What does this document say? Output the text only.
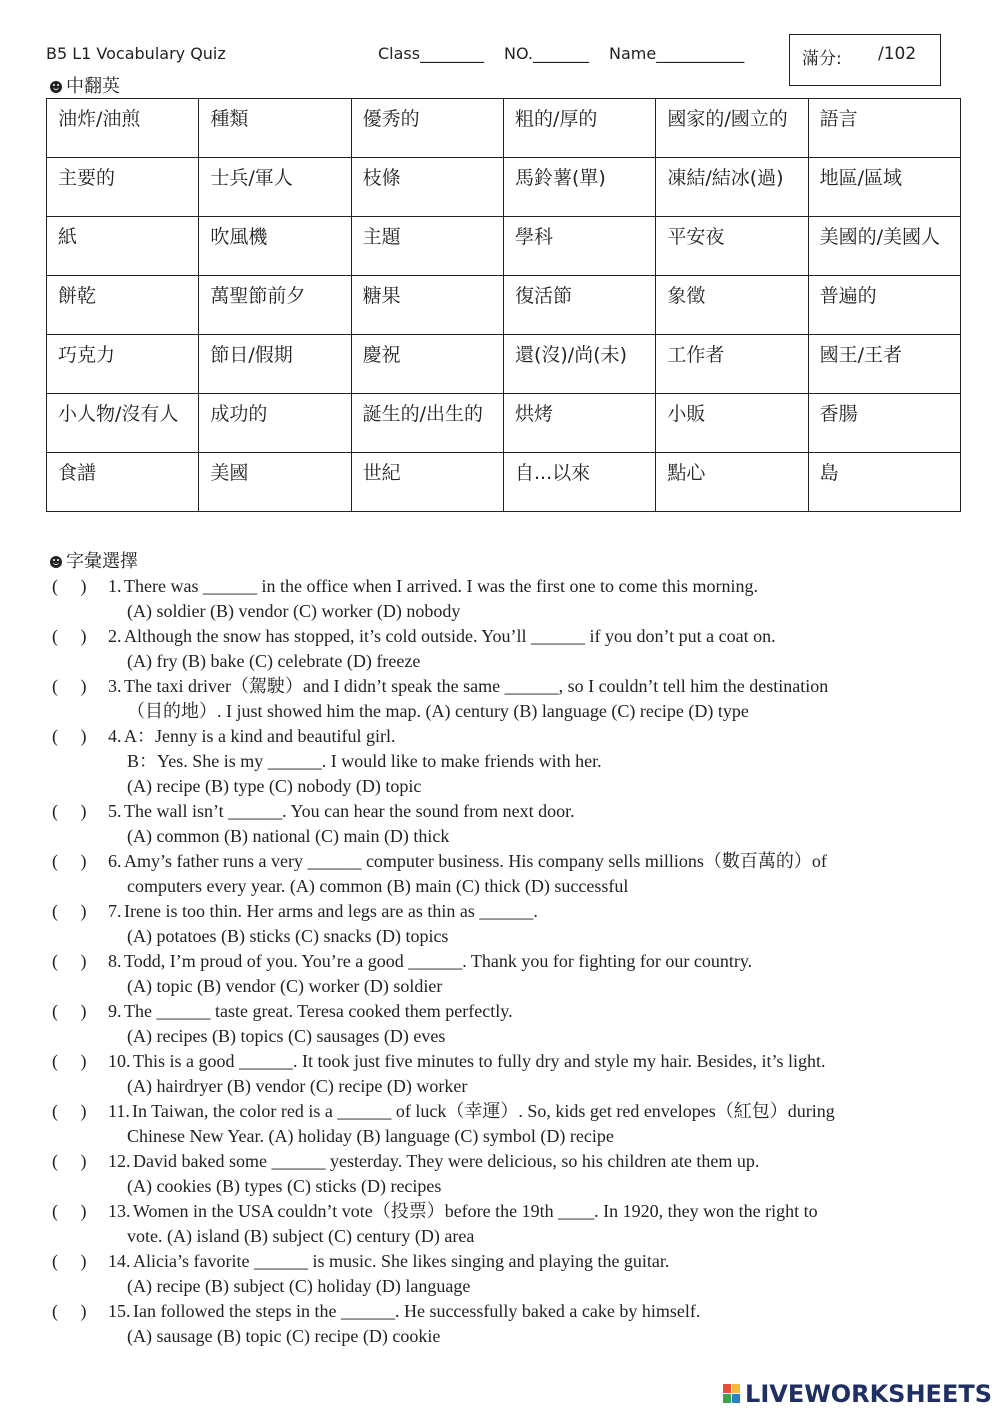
B5 L1 Vocabulary Quiz	Class________ NO._______ Name___________	滿分: /102
中翻英
油炸/油煎	種類	優秀的	粗的/厚的	國家的/國立的	語言
主要的	士兵/軍人	枝條	馬鈴薯(單)	凍結/結冰(過)	地區/區域
紙	吹風機	主題	學科	平安夜	美國的/美國人
餅乾	萬聖節前夕	糖果	復活節	象徵	普遍的
巧克力	節日/假期	慶祝	還(沒)/尚(未)	工作者	國王/王者
小人物/沒有人	成功的	誕生的/出生的	烘烤	小販	香腸
食譜	美國	世紀	自...以來	點心	島
字彙選擇
(　 ) 1. There was ______ in the office when I arrived. I was the first one to come this morning.
(A) soldier (B) vendor (C) worker (D) nobody
(　 ) 2. Although the snow has stopped, it’s cold outside. You’ll ______ if you don’t put a coat on.
(A) fry (B) bake (C) celebrate (D) freeze
(　 ) 3. The taxi driver（駕駛）and I didn’t speak the same ______, so I couldn’t tell him the destination
（目的地）. I just showed him the map. (A) century (B) language (C) recipe (D) type
(　 ) 4. A：Jenny is a kind and beautiful girl.
B：Yes. She is my ______. I would like to make friends with her.
(A) recipe (B) type (C) nobody (D) topic
(　 ) 5. The wall isn’t ______. You can hear the sound from next door.
(A) common (B) national (C) main (D) thick
(　 ) 6. Amy’s father runs a very ______ computer business. His company sells millions（數百萬的）of
computers every year. (A) common (B) main (C) thick (D) successful
(　 ) 7. Irene is too thin. Her arms and legs are as thin as ______.
(A) potatoes (B) sticks (C) snacks (D) topics
(　 ) 8. Todd, I’m proud of you. You’re a good ______. Thank you for fighting for our country.
(A) topic (B) vendor (C) worker (D) soldier
(　 ) 9. The ______ taste great. Teresa cooked them perfectly.
(A) recipes (B) topics (C) sausages (D) eves
(　 ) 10. This is a good ______. It took just five minutes to fully dry and style my hair. Besides, it’s light.
(A) hairdryer (B) vendor (C) recipe (D) worker
(　 ) 11. In Taiwan, the color red is a ______ of luck（幸運）. So, kids get red envelopes（紅包）during
Chinese New Year. (A) holiday (B) language (C) symbol (D) recipe
(　 ) 12. David baked some ______ yesterday. They were delicious, so his children ate them up.
(A) cookies (B) types (C) sticks (D) recipes
(　 ) 13. Women in the USA couldn’t vote（投票）before the 19th ____. In 1920, they won the right to
vote. (A) island (B) subject (C) century (D) area
(　 ) 14. Alicia’s favorite ______ is music. She likes singing and playing the guitar.
(A) recipe (B) subject (C) holiday (D) language
(　 ) 15. Ian followed the steps in the ______. He successfully baked a cake by himself.
(A) sausage (B) topic (C) recipe (D) cookie
LIVEWORKSHEETS
